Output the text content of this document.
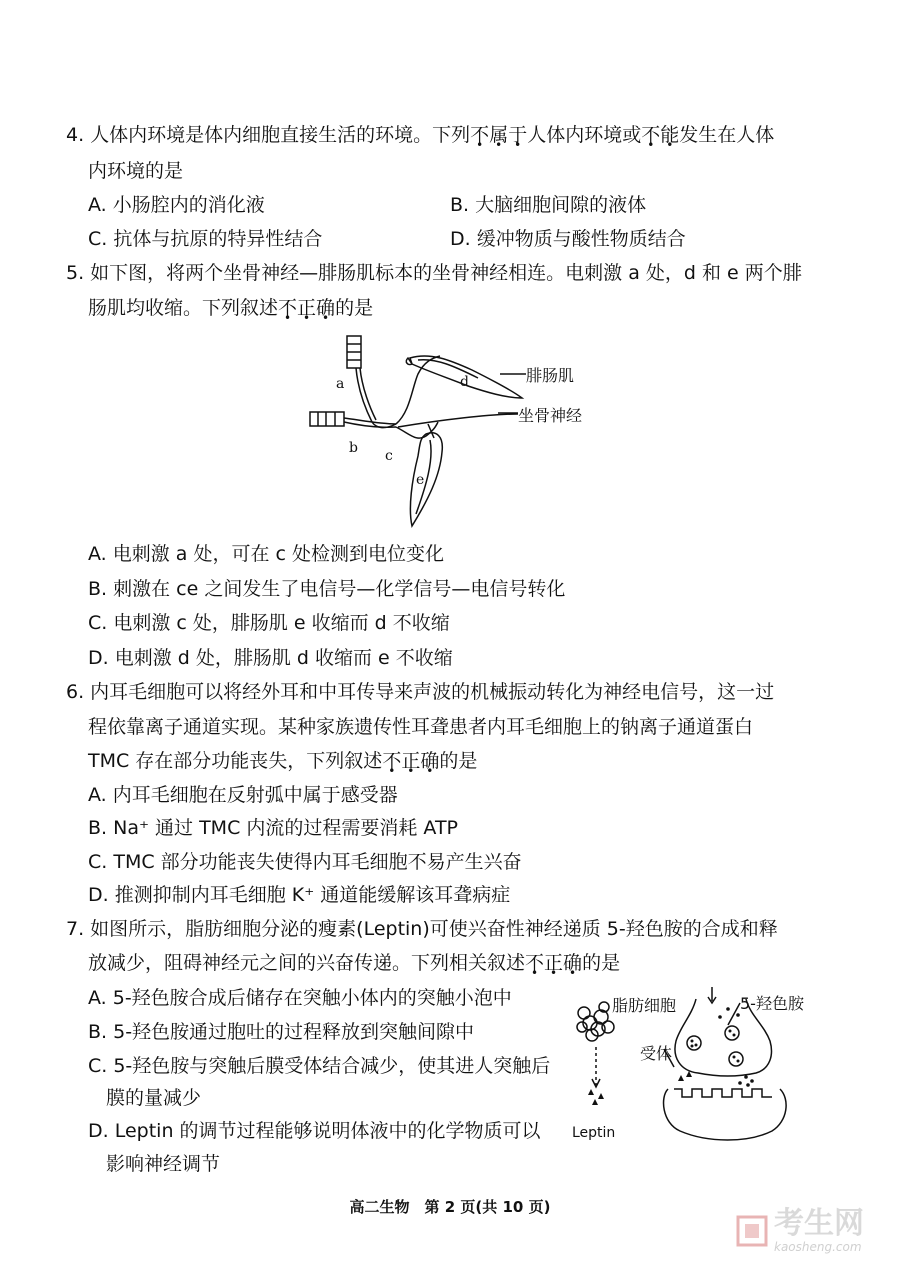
4. 人体内环境是体内细胞直接生活的环境。下列不属于人体内环境或不能发生在人体
内环境的是
A. 小肠腔内的消化液	B. 大脑细胞间隙的液体
C. 抗体与抗原的特异性结合	D. 缓冲物质与酸性物质结合
5. 如下图，将两个坐骨神经—腓肠肌标本的坐骨神经相连。电刺激 a 处，d 和 e 两个腓
肠肌均收缩。下列叙述不正确的是
a
b c
d
e
腓肠肌
坐骨神经
A. 电刺激 a 处，可在 c 处检测到电位变化
B. 刺激在 ce 之间发生了电信号—化学信号—电信号转化
C. 电刺激 c 处，腓肠肌 e 收缩而 d 不收缩
D. 电刺激 d 处，腓肠肌 d 收缩而 e 不收缩
6. 内耳毛细胞可以将经外耳和中耳传导来声波的机械振动转化为神经电信号，这一过
程依靠离子通道实现。某种家族遗传性耳聋患者内耳毛细胞上的钠离子通道蛋白
TMC 存在部分功能丧失，下列叙述不正确的是
A. 内耳毛细胞在反射弧中属于感受器
B. Na⁺ 通过 TMC 内流的过程需要消耗 ATP
C. TMC 部分功能丧失使得内耳毛细胞不易产生兴奋
D. 推测抑制内耳毛细胞 K⁺ 通道能缓解该耳聋病症
7. 如图所示，脂肪细胞分泌的瘦素(Leptin)可使兴奋性神经递质 5-羟色胺的合成和释
放减少，阻碍神经元之间的兴奋传递。下列相关叙述不正确的是
A. 5-羟色胺合成后储存在突触小体内的突触小泡中
B. 5-羟色胺通过胞吐的过程释放到突触间隙中
C. 5-羟色胺与突触后膜受体结合减少，使其进人突触后
膜的量减少
D. Leptin 的调节过程能够说明体液中的化学物质可以
影响神经调节
脂肪细胞	5-羟色胺
受体
Leptin
高二生物　第 2 页(共 10 页)	考生网
kaosheng.com
